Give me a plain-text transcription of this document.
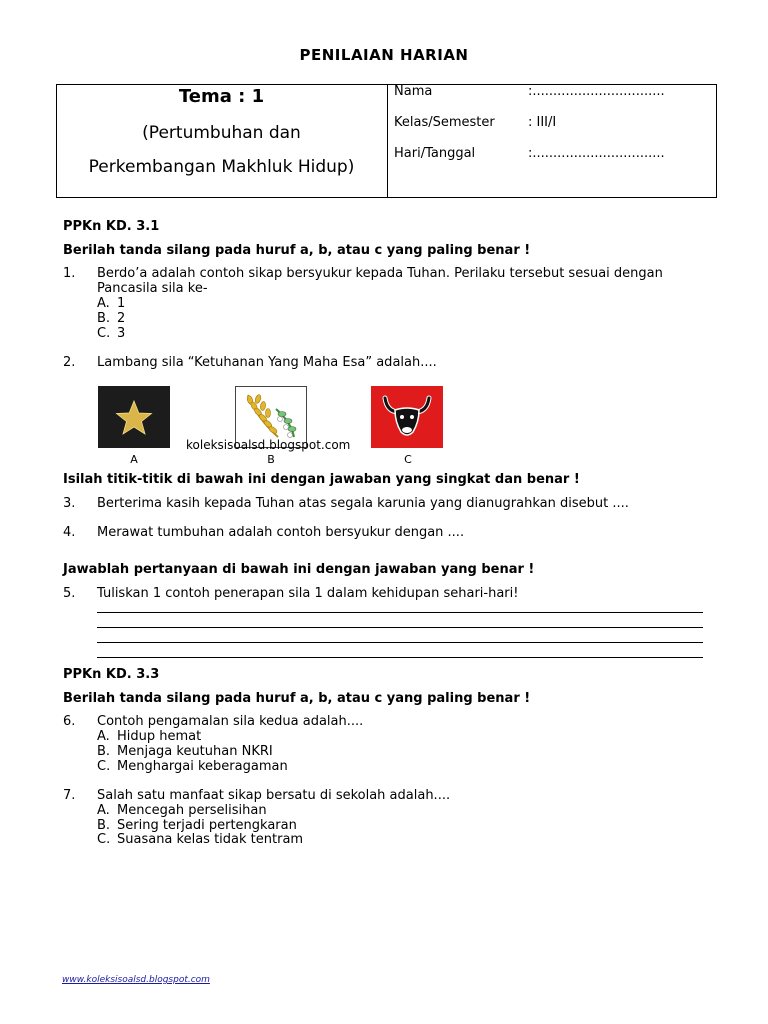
PENILAIAN HARIAN
Tema : 1
(Pertumbuhan dan
Perkembangan Makhluk Hidup)
Nama	:................................
Kelas/Semester	: III/I
Hari/Tanggal	:................................
PPKn KD. 3.1
Berilah tanda silang pada huruf a, b, atau c yang paling benar !
1. Berdo’a adalah contoh sikap bersyukur kepada Tuhan. Perilaku tersebut sesuai dengan Pancasila sila ke-
A. 1
B. 2
C. 3
2. Lambang sila “Ketuhanan Yang Maha Esa” adalah....
A	B	C
koleksisoalsd.blogspot.com
Isilah titik-titik di bawah ini dengan jawaban yang singkat dan benar !
3. Berterima kasih kepada Tuhan atas segala karunia yang dianugrahkan disebut ....
4. Merawat tumbuhan adalah contoh bersyukur dengan ....
Jawablah pertanyaan di bawah ini dengan jawaban yang benar !
5. Tuliskan 1 contoh penerapan sila 1 dalam kehidupan sehari-hari!
PPKn KD. 3.3
Berilah tanda silang pada huruf a, b, atau c yang paling benar !
6. Contoh pengamalan sila kedua adalah....
A. Hidup hemat
B. Menjaga keutuhan NKRI
C. Menghargai keberagaman
7. Salah satu manfaat sikap bersatu di sekolah adalah....
A. Mencegah perselisihan
B. Sering terjadi pertengkaran
C. Suasana kelas tidak tentram
www.koleksisoalsd.blogspot.com
